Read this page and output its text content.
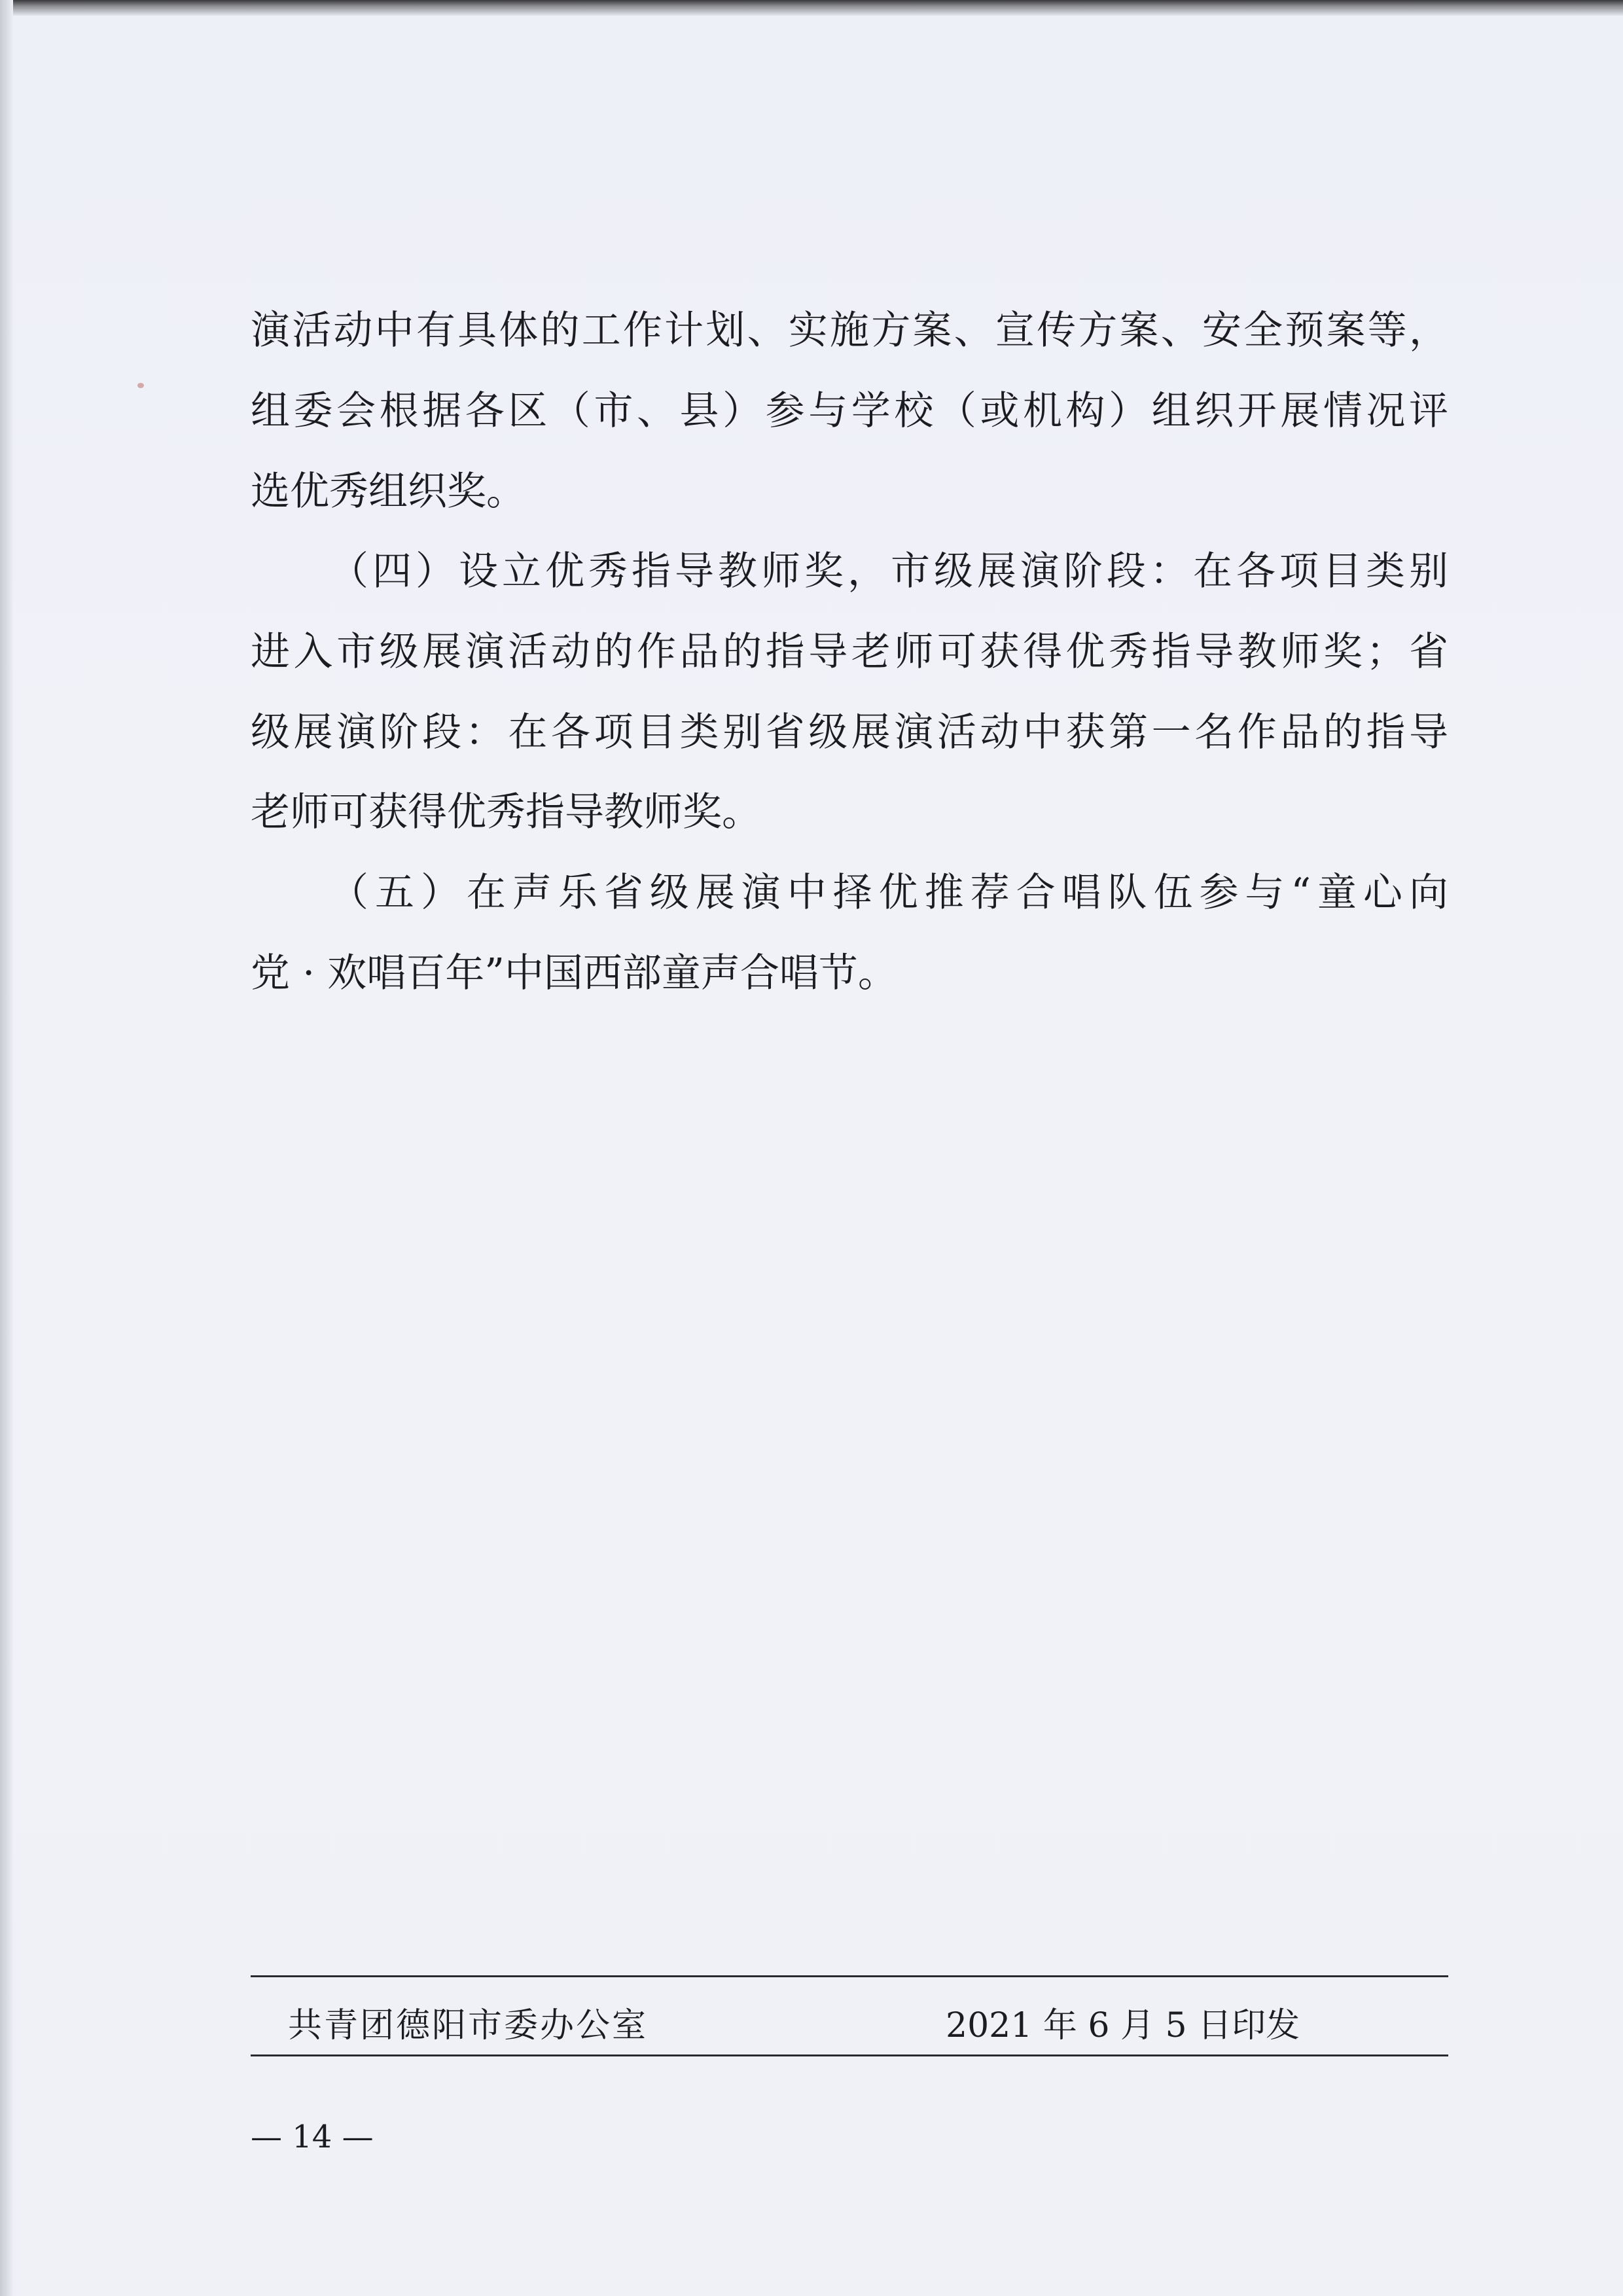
演活动中有具体的工作计划、实施方案、宣传方案、安全预案等，
组委会根据各区（市、县）参与学校（或机构）组织开展情况评
选优秀组织奖。
（四）设立优秀指导教师奖，市级展演阶段：在各项目类别
进入市级展演活动的作品的指导老师可获得优秀指导教师奖；省
级展演阶段：在各项目类别省级展演活动中获第一名作品的指导
老师可获得优秀指导教师奖。
（五）在声乐省级展演中择优推荐合唱队伍参与“童心向
党 · 欢唱百年”中国西部童声合唱节。
共青团德阳市委办公室	2021 年 6 月 5 日印发
— 14 —
